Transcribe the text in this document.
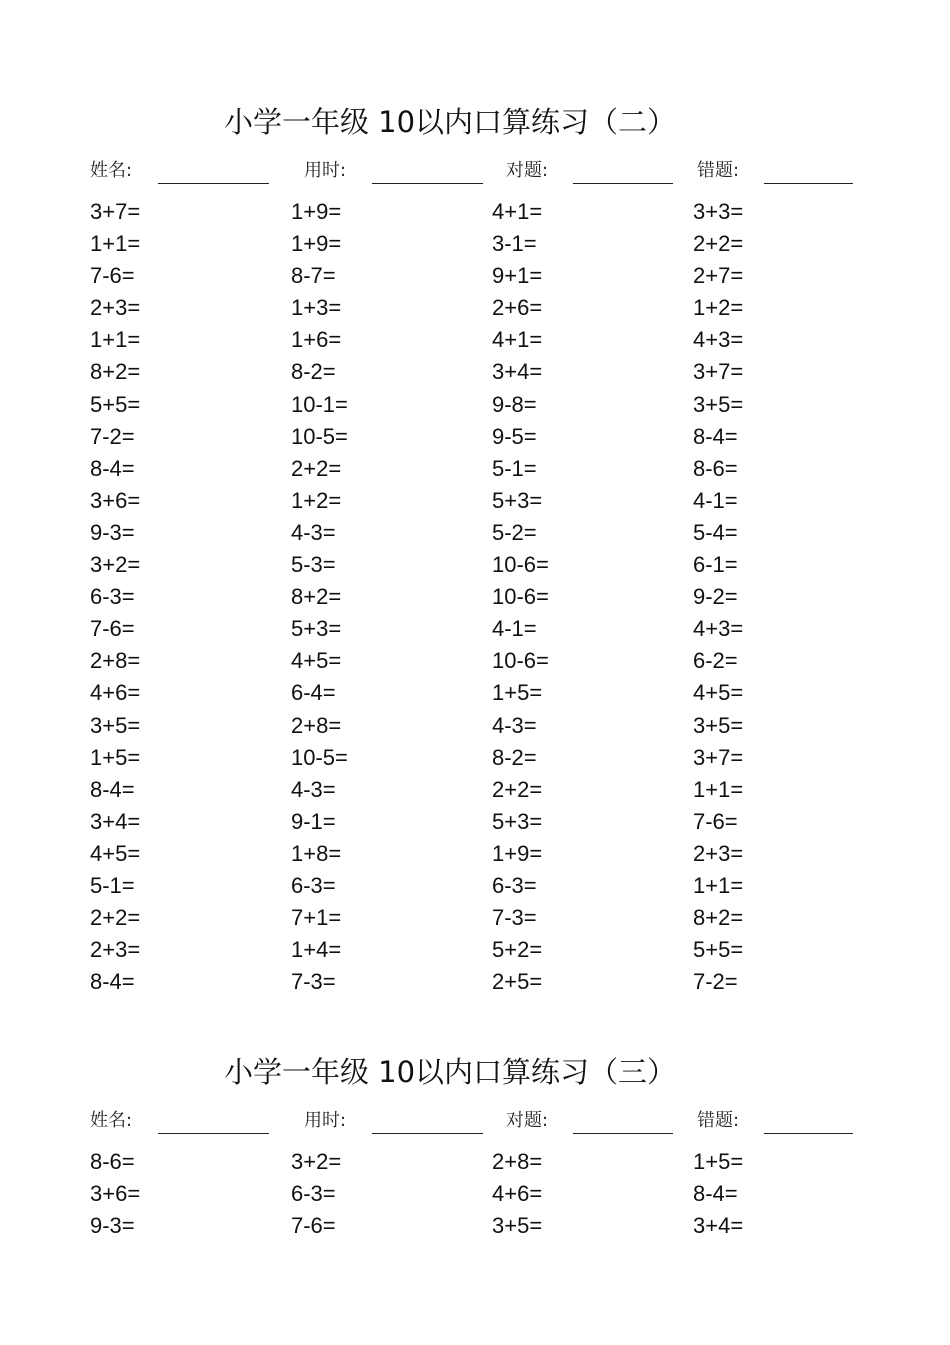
小学一年级 10以内口算练习（二）
姓名:	用时:	对题:	错题:
3+7=	1+9=	4+1=	3+3=
1+1=	1+9=	3-1=	2+2=
7-6=	8-7=	9+1=	2+7=
2+3=	1+3=	2+6=	1+2=
1+1=	1+6=	4+1=	4+3=
8+2=	8-2=	3+4=	3+7=
5+5=	10-1=	9-8=	3+5=
7-2=	10-5=	9-5=	8-4=
8-4=	2+2=	5-1=	8-6=
3+6=	1+2=	5+3=	4-1=
9-3=	4-3=	5-2=	5-4=
3+2=	5-3=	10-6=	6-1=
6-3=	8+2=	10-6=	9-2=
7-6=	5+3=	4-1=	4+3=
2+8=	4+5=	10-6=	6-2=
4+6=	6-4=	1+5=	4+5=
3+5=	2+8=	4-3=	3+5=
1+5=	10-5=	8-2=	3+7=
8-4=	4-3=	2+2=	1+1=
3+4=	9-1=	5+3=	7-6=
4+5=	1+8=	1+9=	2+3=
5-1=	6-3=	6-3=	1+1=
2+2=	7+1=	7-3=	8+2=
2+3=	1+4=	5+2=	5+5=
8-4=	7-3=	2+5=	7-2=
小学一年级 10以内口算练习（三）
姓名:	用时:	对题:	错题:
8-6=	3+2=	2+8=	1+5=
3+6=	6-3=	4+6=	8-4=
9-3=	7-6=	3+5=	3+4=
